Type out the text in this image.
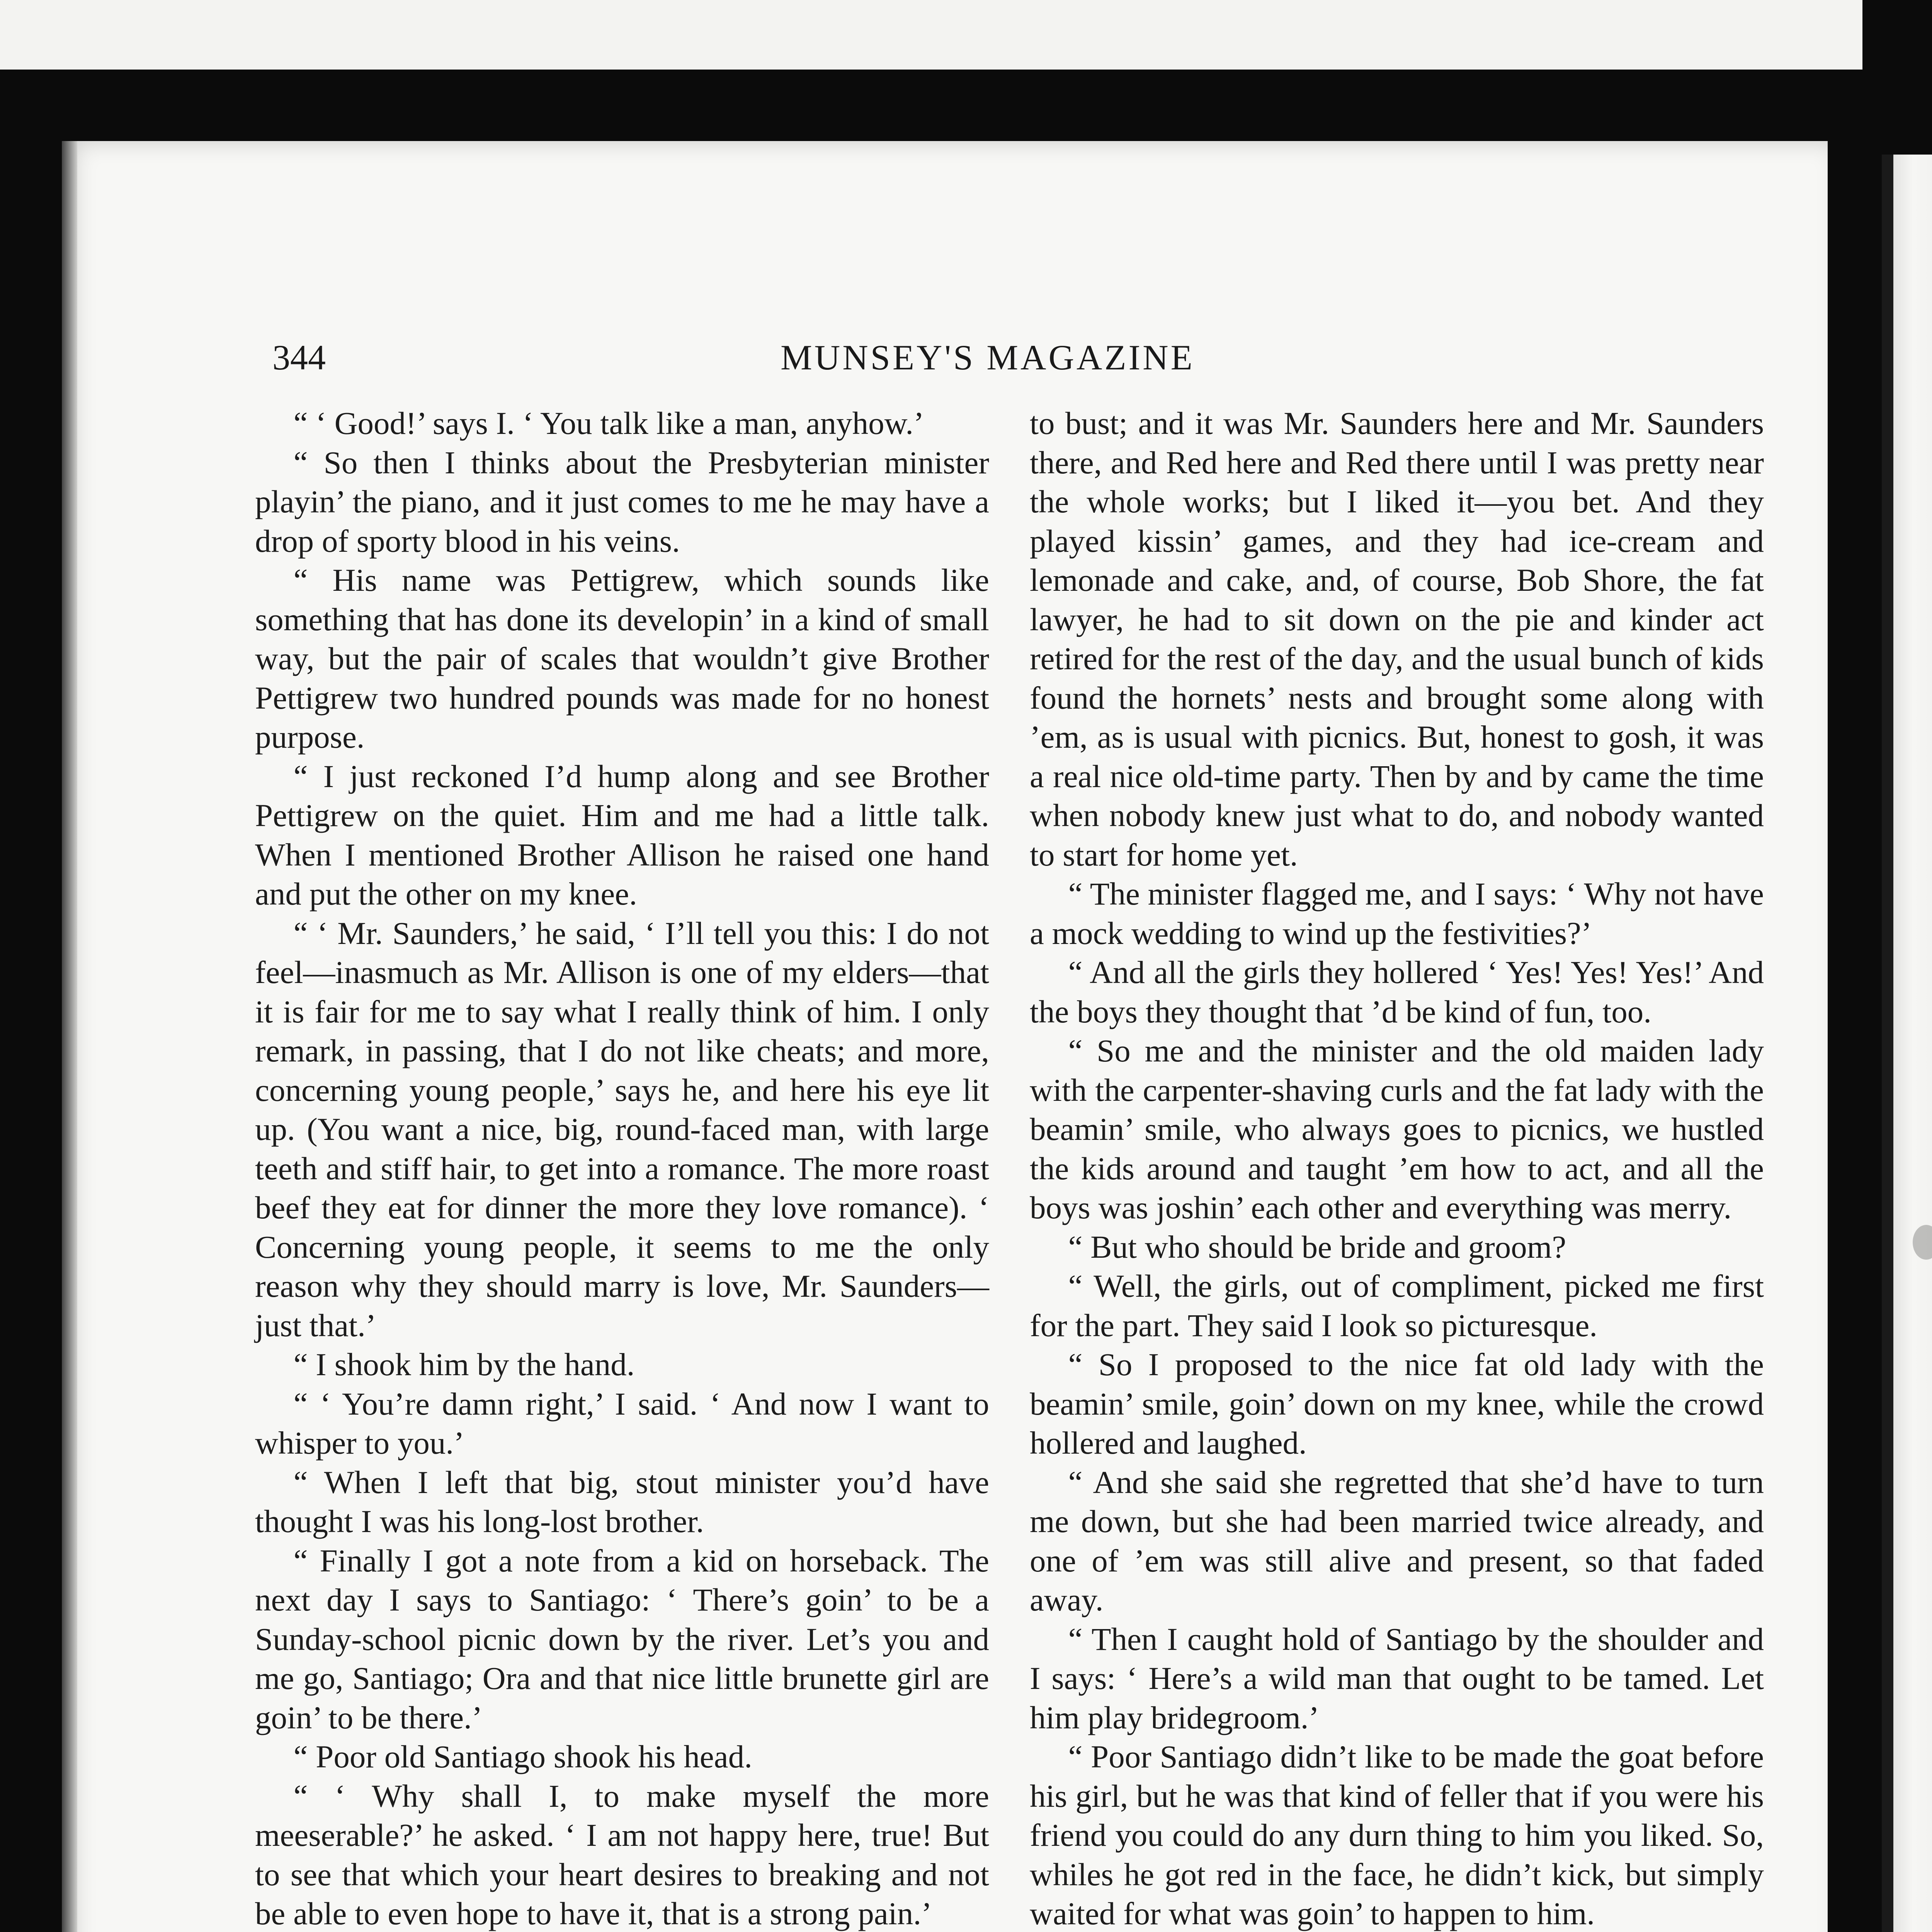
344	MUNSEY'S MAGAZINE

“ ‘ Good!’ says I. ‘ You talk like a man, anyhow.’

“ So then I thinks about the Presbyterian minister playin’ the piano, and it just comes to me he may have a drop of sporty blood in his veins.

“ His name was Pettigrew, which sounds like something that has done its developin’ in a kind of small way, but the pair of scales that wouldn’t give Brother Pettigrew two hundred pounds was made for no honest purpose.

“ I just reckoned I’d hump along and see Brother Pettigrew on the quiet. Him and me had a little talk. When I mentioned Brother Allison he raised one hand and put the other on my knee.

“ ‘ Mr. Saunders,’ he said, ‘ I’ll tell you this: I do not feel—inasmuch as Mr. Allison is one of my elders—that it is fair for me to say what I really think of him. I only remark, in passing, that I do not like cheats; and more, concerning young people,’ says he, and here his eye lit up. (You want a nice, big, round-faced man, with large teeth and stiff hair, to get into a romance. The more roast beef they eat for dinner the more they love romance). ‘ Concerning young people, it seems to me the only reason why they should marry is love, Mr. Saunders—just that.’

“ I shook him by the hand.

“ ‘ You’re damn right,’ I said. ‘ And now I want to whisper to you.’

“ When I left that big, stout minister you’d have thought I was his long-lost brother.

“ Finally I got a note from a kid on horseback. The next day I says to Santiago: ‘ There’s goin’ to be a Sunday-school picnic down by the river. Let’s you and me go, Santiago; Ora and that nice little brunette girl are goin’ to be there.’

“ Poor old Santiago shook his head.

“ ‘ Why shall I, to make myself the more meeserable?’ he asked. ‘ I am not happy here, true! But to see that which your heart desires to breaking and not be able to even hope to have it, that is a strong pain.’

to bust; and it was Mr. Saunders here and Mr. Saunders there, and Red here and Red there until I was pretty near the whole works; but I liked it—you bet. And they played kissin’ games, and they had ice-cream and lemonade and cake, and, of course, Bob Shore, the fat lawyer, he had to sit down on the pie and kinder act retired for the rest of the day, and the usual bunch of kids found the hornets’ nests and brought some along with ’em, as is usual with picnics. But, honest to gosh, it was a real nice old-time party. Then by and by came the time when nobody knew just what to do, and nobody wanted to start for home yet.

“ The minister flagged me, and I says: ‘ Why not have a mock wedding to wind up the festivities?’

“ And all the girls they hollered ‘ Yes! Yes! Yes!’ And the boys they thought that ’d be kind of fun, too.

“ So me and the minister and the old maiden lady with the carpenter-shaving curls and the fat lady with the beamin’ smile, who always goes to picnics, we hustled the kids around and taught ’em how to act, and all the boys was joshin’ each other and everything was merry.

“ But who should be bride and groom?

“ Well, the girls, out of compliment, picked me first for the part. They said I look so picturesque.

“ So I proposed to the nice fat old lady with the beamin’ smile, goin’ down on my knee, while the crowd hollered and laughed.

“ And she said she regretted that she’d have to turn me down, but she had been married twice already, and one of ’em was still alive and present, so that faded away.

“ Then I caught hold of Santiago by the shoulder and I says: ‘ Here’s a wild man that ought to be tamed. Let him play bridegroom.’

“ Poor Santiago didn’t like to be made the goat before his girl, but he was that kind of feller that if you were his friend you could do any durn thing to him you liked. So, whiles he got red in the face, he didn’t kick, but simply waited for what was goin’ to happen to him.
